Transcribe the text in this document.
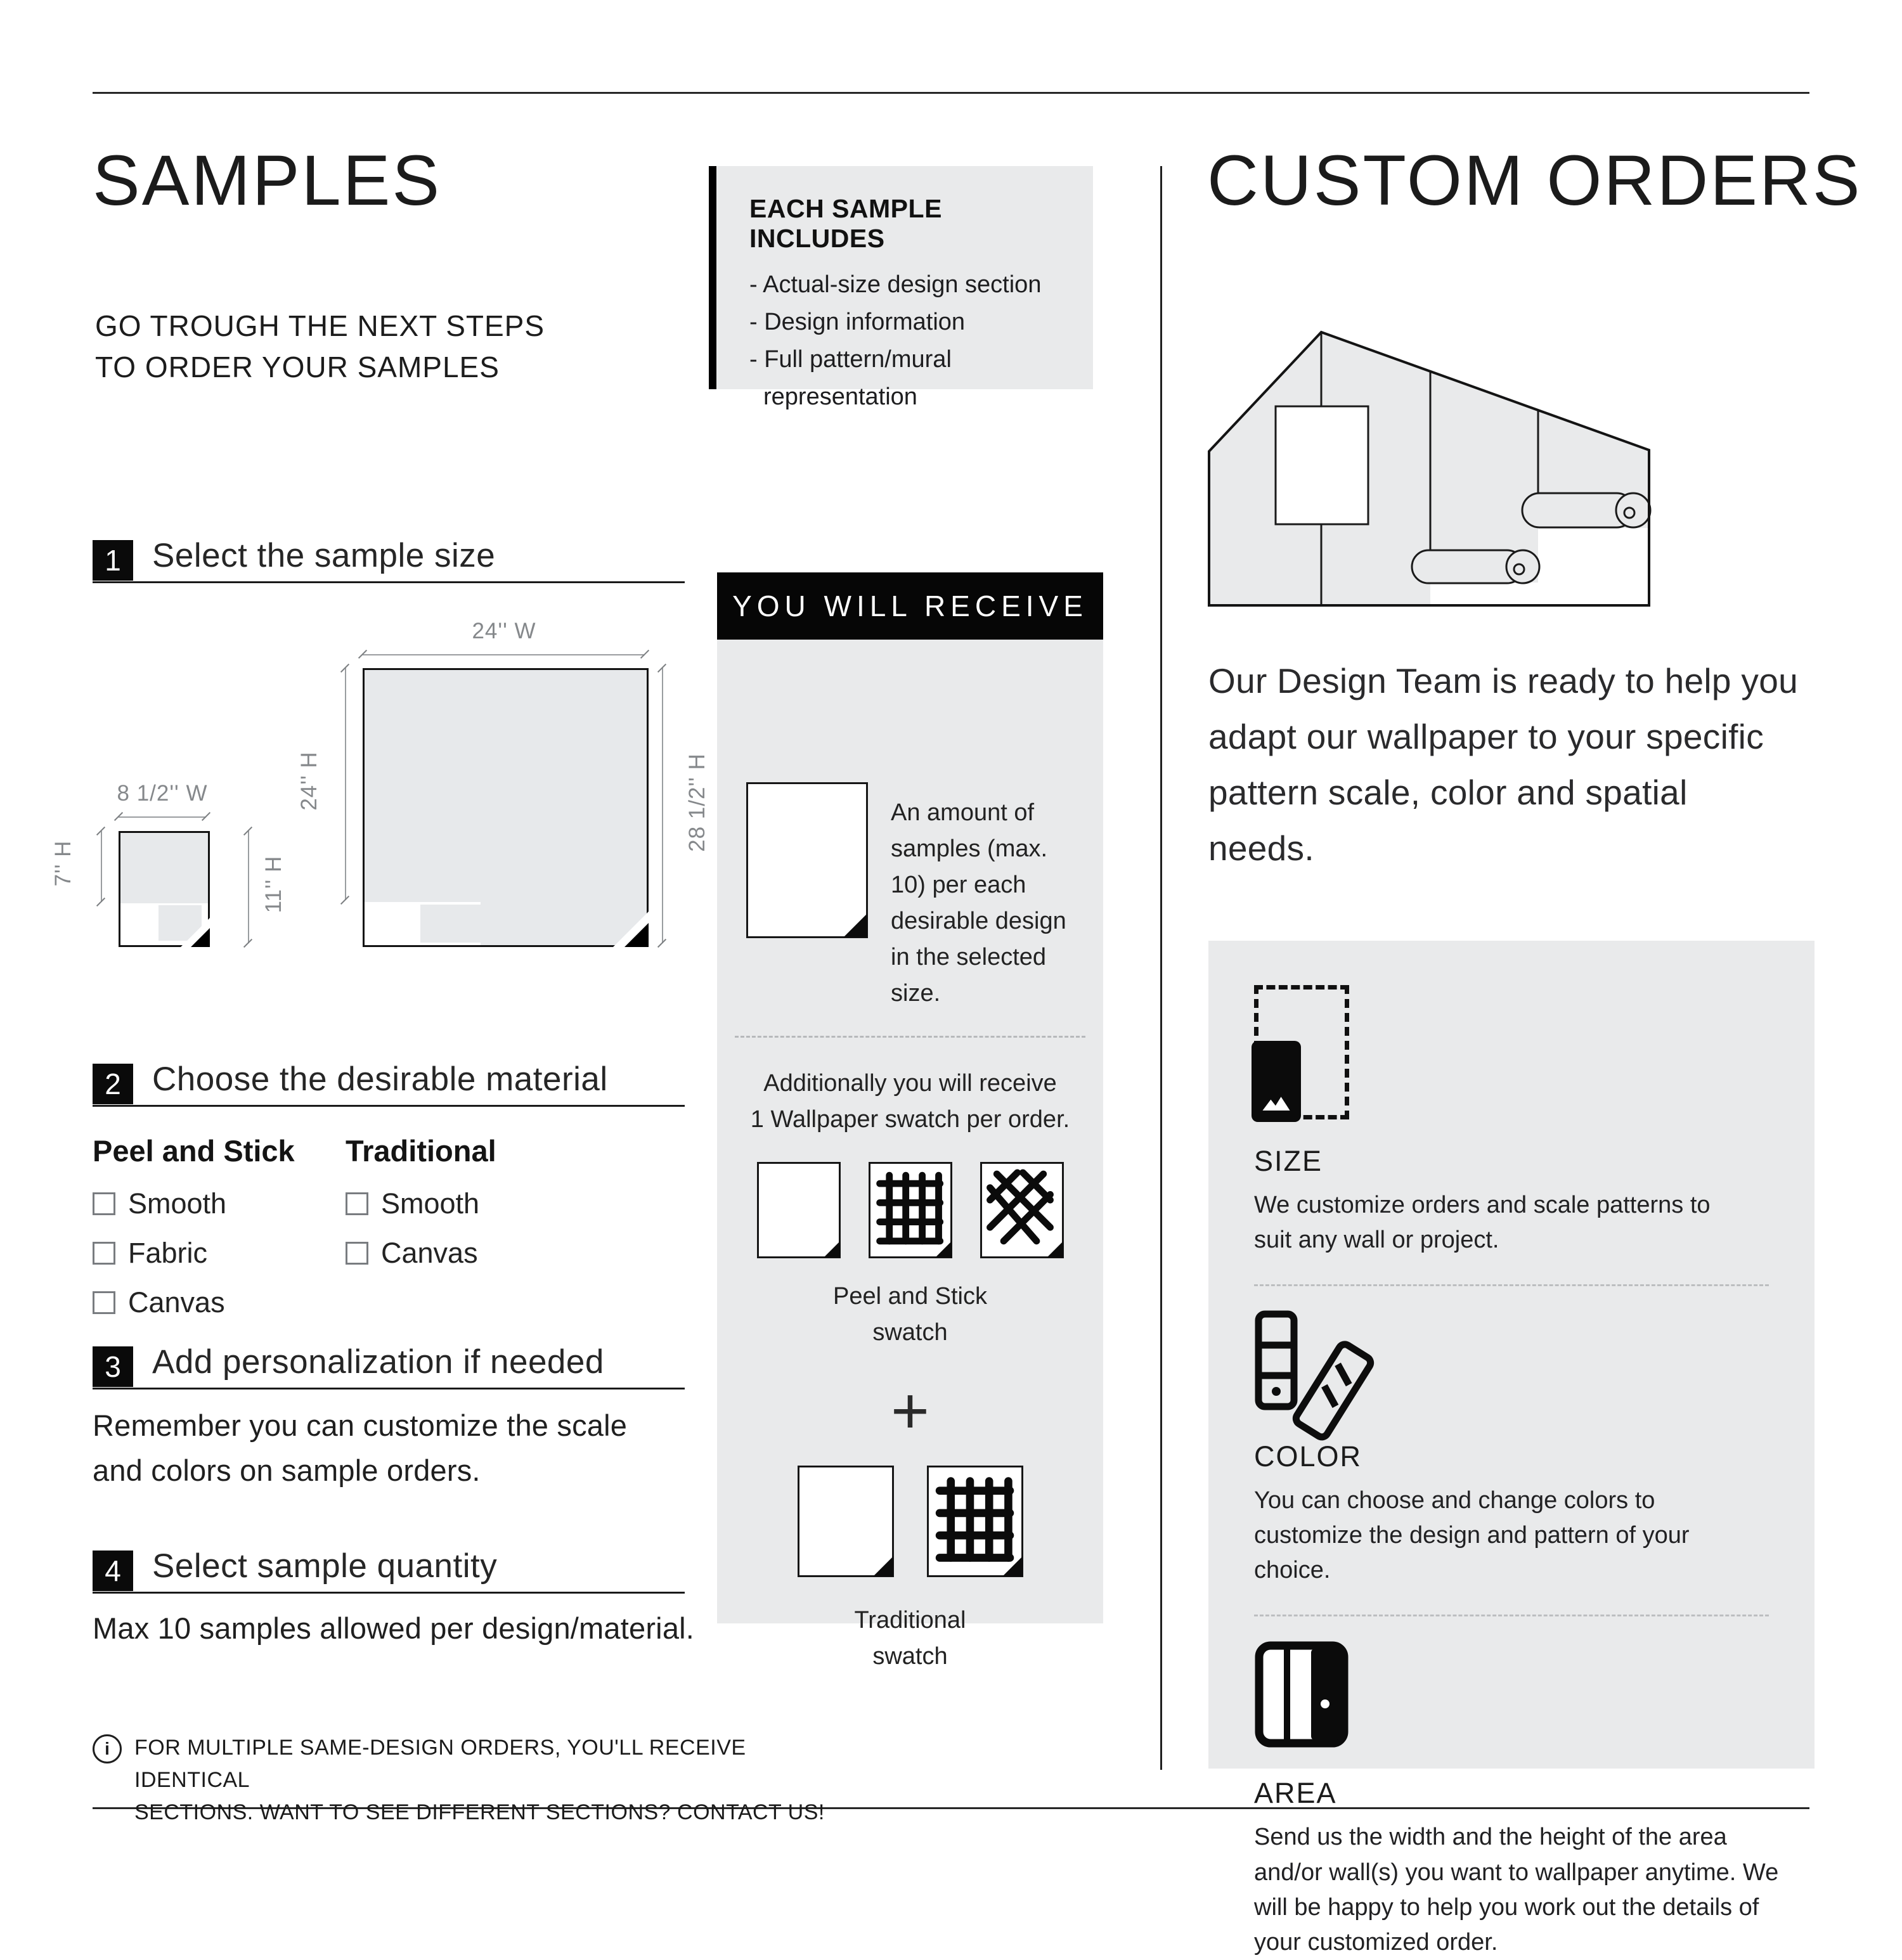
SAMPLES
GO TROUGH THE NEXT STEPS
TO ORDER YOUR SAMPLES
1 Select the sample size
8 1/2'' W
7'' H	11'' H
24'' W
24'' H	28 1/2'' H
2 Choose the desirable material
Peel and Stick
Smooth
Fabric
Canvas
Traditional
Smooth
Canvas
3 Add personalization if needed
Remember you can customize the scale and colors on sample orders.
4 Select sample quantity
Max 10 samples allowed per design/material.
i	FOR MULTIPLE SAME-DESIGN ORDERS, YOU'LL RECEIVE IDENTICAL
SECTIONS. WANT TO SEE DIFFERENT SECTIONS? CONTACT US!
EACH SAMPLE INCLUDES
- Actual-size design section
- Design information
- Full pattern/mural representation
YOU WILL RECEIVE
An amount of samples (max. 10) per each desirable design in the selected size.
Additionally you will receive
1 Wallpaper swatch per order.
Peel and Stick
swatch
+
Traditional
swatch
CUSTOM ORDERS
Our Design Team is ready to help you adapt our wallpaper to your specific pattern scale, color and spatial needs.
SIZE
We customize orders and scale patterns to suit any wall or project.
COLOR
You can choose and change colors to customize the design and pattern of your choice.
AREA
Send us the width and the height of the area and/or wall(s) you want to wallpaper anytime. We will be happy to help you work out the details of your customized order.
